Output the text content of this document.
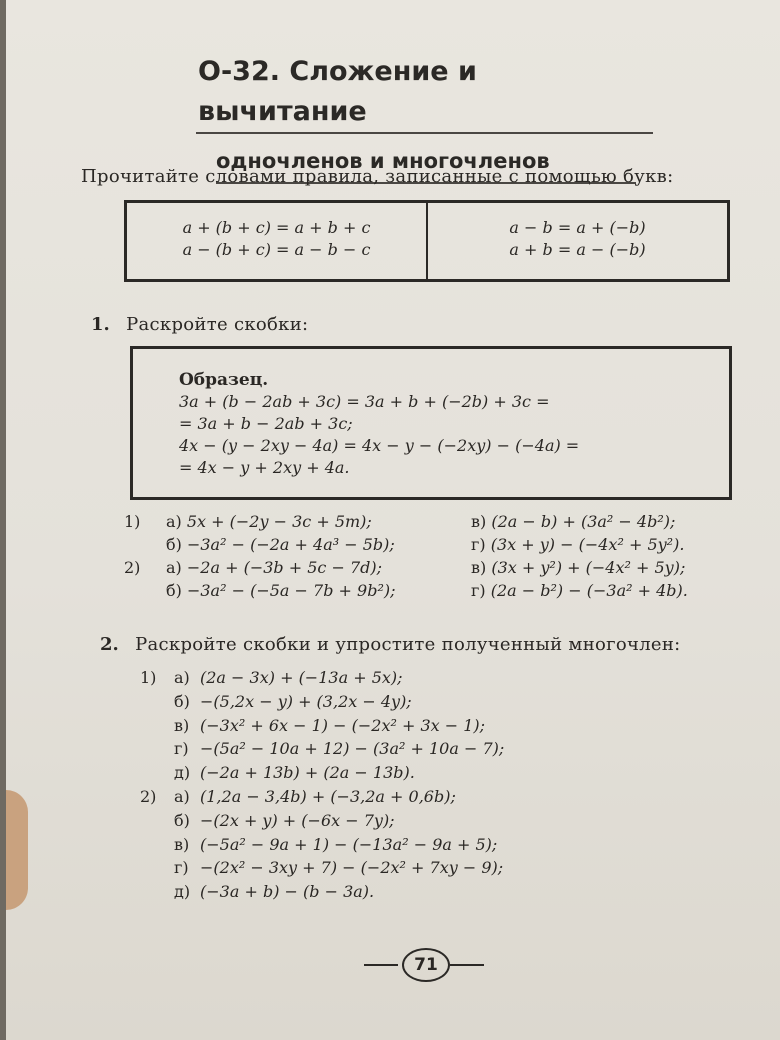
О-32. Сложение и вычитание
одночленов и многочленов
Прочитайте словами правила, записанные с помощью букв:
a + (b + c) = a + b + c
a − (b + c) = a − b − c
a − b = a + (−b)
a + b = a − (−b)
1. Раскройте скобки:
Образец.
3a + (b − 2ab + 3c) = 3a + b + (−2b) + 3c =
= 3a + b − 2ab + 3c;
4x − (y − 2xy − 4a) = 4x − y − (−2xy) − (−4a) =
= 4x − y + 2xy + 4a.
1)	а) 5x + (−2y − 3c + 5m);	в) (2a − b) + (3a² − 4b²);
б) −3a² − (−2a + 4a³ − 5b);	г) (3x + y) − (−4x² + 5y²).
2)	а) −2a + (−3b + 5c − 7d);	в) (3x + y²) + (−4x² + 5y);
б) −3a² − (−5a − 7b + 9b²);	г) (2a − b²) − (−3a² + 4b).
2. Раскройте скобки и упростите полученный многочлен:
1) а) (2a − 3x) + (−13a + 5x);
б) −(5,2x − y) + (3,2x − 4y);
в) (−3x² + 6x − 1) − (−2x² + 3x − 1);
г) −(5a² − 10a + 12) − (3a² + 10a − 7);
д) (−2a + 13b) + (2a − 13b).
2) а) (1,2a − 3,4b) + (−3,2a + 0,6b);
б) −(2x + y) + (−6x − 7y);
в) (−5a² − 9a + 1) − (−13a² − 9a + 5);
г) −(2x² − 3xy + 7) − (−2x² + 7xy − 9);
д) (−3a + b) − (b − 3a).
71
